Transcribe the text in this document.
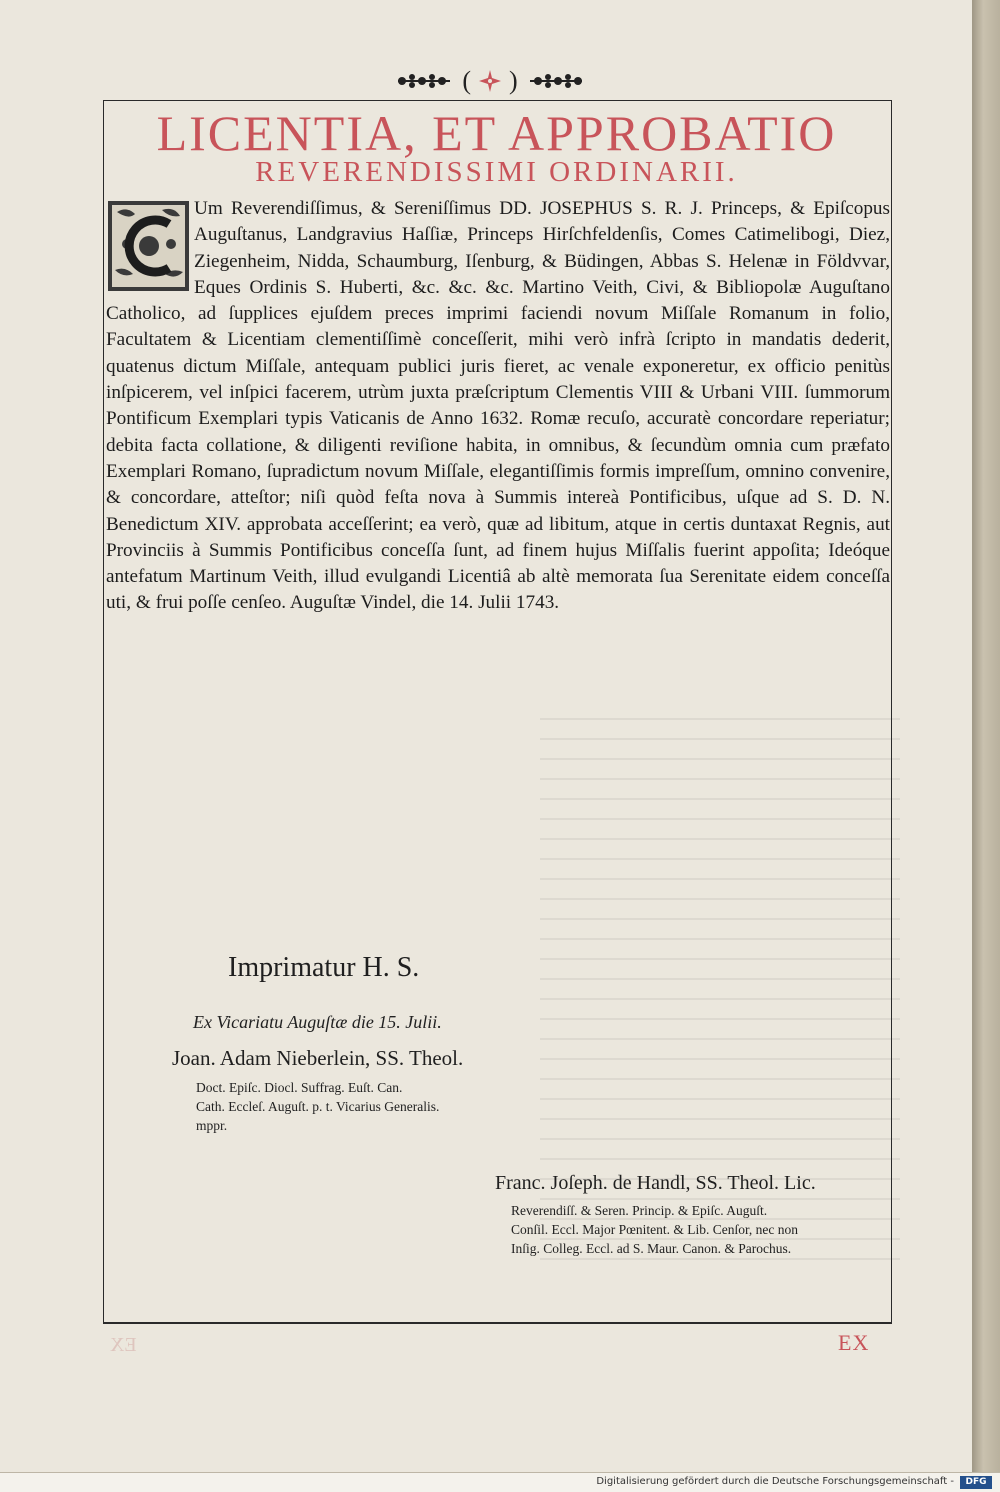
( )
LICENTIA, ET APPROBATIO
REVERENDISSIMI ORDINARII.

Um Reverendiſſimus, & Sereniſſimus DD. JOSEPHUS S. R. J. Princeps, & Epiſcopus Auguſtanus, Landgravius Haſſiæ, Princeps Hirſchfeldenſis, Comes Catimelibogi, Diez, Ziegenheim, Nidda, Schaumburg, Iſenburg, & Büdingen, Abbas S. Helenæ in Földvvar, Eques Ordinis S. Huberti, &c. &c. &c. Martino Veith, Civi, & Bibliopolæ Auguſtano Catholico, ad ſupplices ejuſdem preces imprimi faciendi novum Miſſale Romanum in folio, Facultatem & Licentiam clementiſſimè conceſſerit, mihi verò infrà ſcripto in mandatis dederit, quatenus dictum Miſſale, antequam publici juris fieret, ac venale exponeretur, ex officio penitùs inſpicerem, vel inſpici facerem, utrùm juxta præſcriptum Clementis VIII & Urbani VIII. ſummorum Pontificum Exemplari typis Vaticanis de Anno 1632. Romæ recuſo, accuratè concordare reperiatur; debita facta collatione, & diligenti reviſione habita, in omnibus, & ſecundùm omnia cum præfato Exemplari Romano, ſupradictum novum Miſſale, elegantiſſimis formis impreſſum, omnino convenire, & concordare, atteſtor; niſi quòd feſta nova à Summis intereà Pontificibus, uſque ad S. D. N. Benedictum XIV. approbata acceſſerint; ea verò, quæ ad libitum, atque in certis duntaxat Regnis, aut Provinciis à Summis Pontificibus conceſſa ſunt, ad finem hujus Miſſalis fuerint appoſita; Ideóque antefatum Martinum Veith, illud evulgandi Licentiâ ab altè memorata ſua Serenitate eidem conceſſa uti, & frui poſſe cenſeo. Auguſtæ Vindel, die 14. Julii 1743.

Imprimatur H. S.
Ex Vicariatu Auguſtæ die 15. Julii.
Joan. Adam Nieberlein, SS. Theol.
Doct. Epiſc. Diocl. Suffrag. Euſt. Can.
Cath. Eccleſ. Auguſt. p. t. Vicarius Generalis.
mppr.
Franc. Joſeph. de Handl, SS. Theol. Lic.
Reverendiſſ. & Seren. Princip. & Epiſc. Auguſt.
Conſil. Eccl. Major Pœnitent. & Lib. Cenſor, nec non
Inſig. Colleg. Eccl. ad S. Maur. Canon. & Parochus.
EX	EX
Digitalisierung gefördert durch die Deutsche Forschungsgemeinschaft -	DFG
